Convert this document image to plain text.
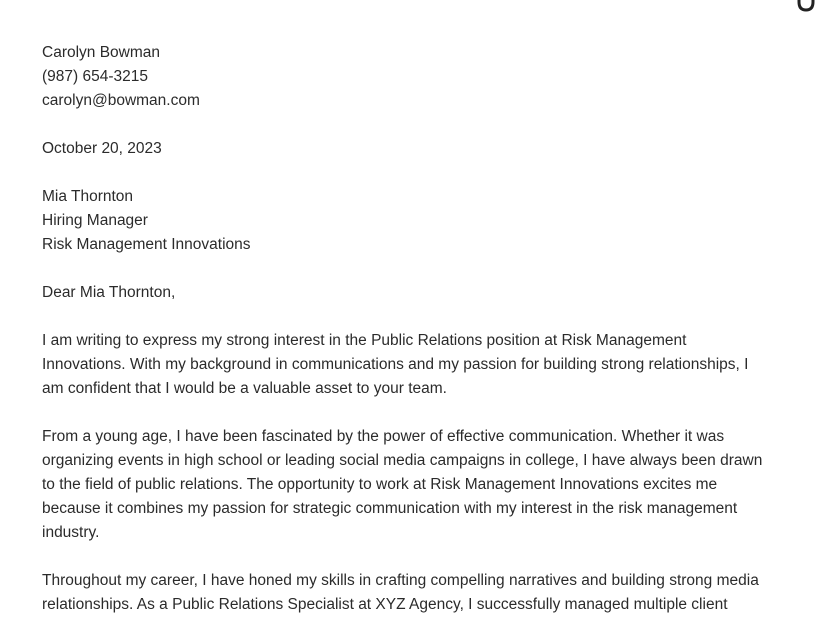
Carolyn Bowman
(987) 654-3215
carolyn@bowman.com
October 20, 2023
Mia Thornton
Hiring Manager
Risk Management Innovations
Dear Mia Thornton,

I am writing to express my strong interest in the Public Relations position at Risk Management
Innovations. With my background in communications and my passion for building strong relationships, I
am confident that I would be a valuable asset to your team.

From a young age, I have been fascinated by the power of effective communication. Whether it was
organizing events in high school or leading social media campaigns in college, I have always been drawn
to the field of public relations. The opportunity to work at Risk Management Innovations excites me
because it combines my passion for strategic communication with my interest in the risk management
industry.

Throughout my career, I have honed my skills in crafting compelling narratives and building strong media
relationships. As a Public Relations Specialist at XYZ Agency, I successfully managed multiple client
